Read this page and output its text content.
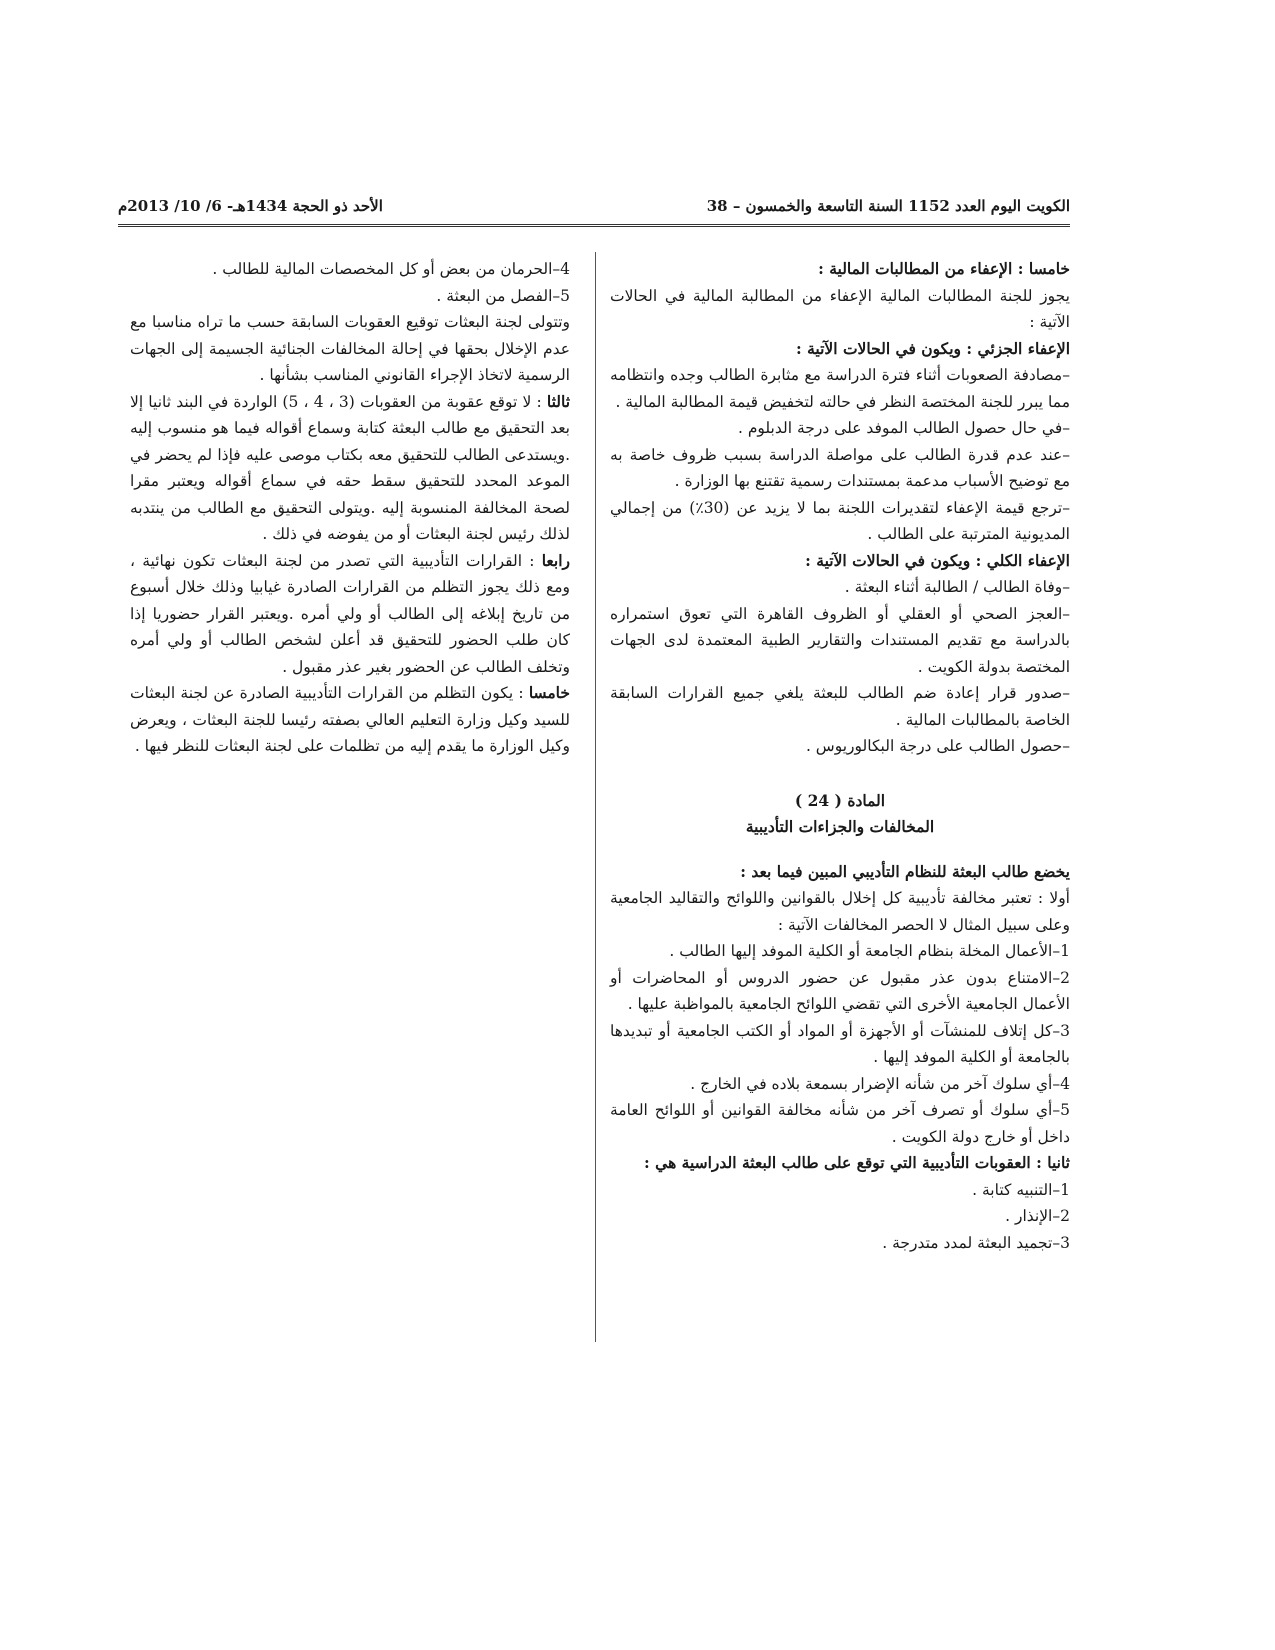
الكويت اليوم العدد 1152 السنة التاسعة والخمسون – 38
الأحد ذو الحجة 1434هـ- 6/ 10/ 2013م

خامسا : الإعفاء من المطالبات المالية :

يجوز للجنة المطالبات المالية الإعفاء من المطالبة المالية في الحالات الآتية :

الإعفاء الجزئي : ويكون في الحالات الآتية :

–مصادفة الصعوبات أثناء فترة الدراسة مع مثابرة الطالب وجده وانتظامه مما يبرر للجنة المختصة النظر في حالته لتخفيض قيمة المطالبة المالية .

–في حال حصول الطالب الموفد على درجة الدبلوم .

–عند عدم قدرة الطالب على مواصلة الدراسة بسبب ظروف خاصة به مع توضيح الأسباب مدعمة بمستندات رسمية تقتنع بها الوزارة .

–ترجع قيمة الإعفاء لتقديرات اللجنة بما لا يزيد عن (30٪) من إجمالي المديونية المترتبة على الطالب .

الإعفاء الكلي : ويكون في الحالات الآتية :

–وفاة الطالب / الطالبة أثناء البعثة .

–العجز الصحي أو العقلي أو الظروف القاهرة التي تعوق استمراره بالدراسة مع تقديم المستندات والتقارير الطبية المعتمدة لدى الجهات المختصة بدولة الكويت .

–صدور قرار إعادة ضم الطالب للبعثة يلغي جميع القرارات السابقة الخاصة بالمطالبات المالية .

–حصول الطالب على درجة البكالوريوس .

المادة ( 24 )

المخالفات والجزاءات التأديبية

يخضع طالب البعثة للنظام التأديبي المبين فيما بعد :

أولا : تعتبر مخالفة تأديبية كل إخلال بالقوانين واللوائح والتقاليد الجامعية وعلى سبيل المثال لا الحصر المخالفات الآتية :

1–الأعمال المخلة بنظام الجامعة أو الكلية الموفد إليها الطالب .

2–الامتناع بدون عذر مقبول عن حضور الدروس أو المحاضرات أو الأعمال الجامعية الأخرى التي تقضي اللوائح الجامعية بالمواظبة عليها .

3–كل إتلاف للمنشآت أو الأجهزة أو المواد أو الكتب الجامعية أو تبديدها بالجامعة أو الكلية الموفد إليها .

4–أي سلوك آخر من شأنه الإضرار بسمعة بلاده في الخارج .

5–أي سلوك أو تصرف آخر من شأنه مخالفة القوانين أو اللوائح العامة داخل أو خارج دولة الكويت .

ثانيا : العقوبات التأديبية التي توقع على طالب البعثة الدراسية هي :

1–التنبيه كتابة .

2–الإنذار .

3–تجميد البعثة لمدد متدرجة .

4–الحرمان من بعض أو كل المخصصات المالية للطالب .

5–الفصل من البعثة .

وتتولى لجنة البعثات توقيع العقوبات السابقة حسب ما تراه مناسبا مع عدم الإخلال بحقها في إحالة المخالفات الجنائية الجسيمة إلى الجهات الرسمية لاتخاذ الإجراء القانوني المناسب بشأنها .

ثالثا : لا توقع عقوبة من العقوبات (3 ، 4 ، 5) الواردة في البند ثانيا إلا بعد التحقيق مع طالب البعثة كتابة وسماع أقواله فيما هو منسوب إليه .ويستدعى الطالب للتحقيق معه بكتاب موصى عليه فإذا لم يحضر في الموعد المحدد للتحقيق سقط حقه في سماع أقواله ويعتبر مقرا لصحة المخالفة المنسوبة إليه .ويتولى التحقيق مع الطالب من ينتدبه لذلك رئيس لجنة البعثات أو من يفوضه في ذلك .

رابعا : القرارات التأديبية التي تصدر من لجنة البعثات تكون نهائية ، ومع ذلك يجوز التظلم من القرارات الصادرة غيابيا وذلك خلال أسبوع من تاريخ إبلاغه إلى الطالب أو ولي أمره .ويعتبر القرار حضوريا إذا كان طلب الحضور للتحقيق قد أعلن لشخص الطالب أو ولي أمره وتخلف الطالب عن الحضور بغير عذر مقبول .

خامسا : يكون التظلم من القرارات التأديبية الصادرة عن لجنة البعثات للسيد وكيل وزارة التعليم العالي بصفته رئيسا للجنة البعثات ، ويعرض وكيل الوزارة ما يقدم إليه من تظلمات على لجنة البعثات للنظر فيها .
